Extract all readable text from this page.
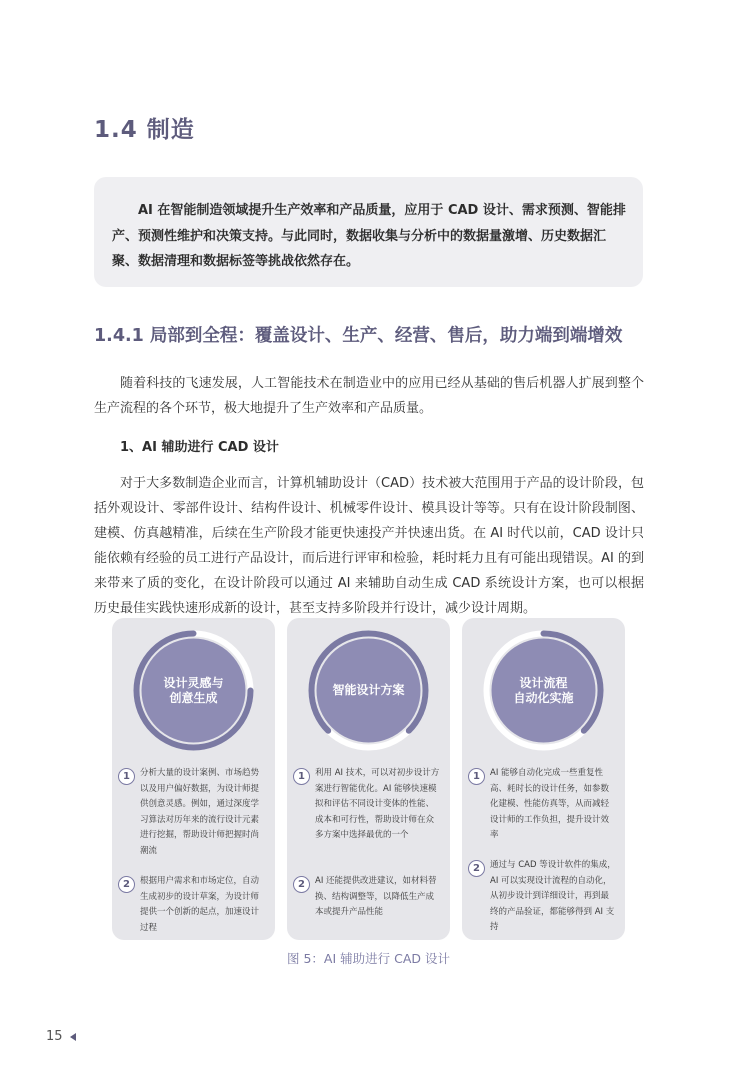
1.4 制造

AI 在智能制造领域提升生产效率和产品质量，应用于 CAD 设计、需求预测、智能排产、预测性维护和决策支持。与此同时，数据收集与分析中的数据量激增、历史数据汇聚、数据清理和数据标签等挑战依然存在。

1.4.1 局部到全程：覆盖设计、生产、经营、售后，助力端到端增效

随着科技的飞速发展，人工智能技术在制造业中的应用已经从基础的售后机器人扩展到整个生产流程的各个环节，极大地提升了生产效率和产品质量。

1、AI 辅助进行 CAD 设计

对于大多数制造企业而言，计算机辅助设计（CAD）技术被大范围用于产品的设计阶段，包括外观设计、零部件设计、结构件设计、机械零件设计、模具设计等等。只有在设计阶段制图、建模、仿真越精准，后续在生产阶段才能更快速投产并快速出货。在 AI 时代以前，CAD 设计只能依赖有经验的员工进行产品设计，而后进行评审和检验，耗时耗力且有可能出现错误。AI 的到来带来了质的变化，在设计阶段可以通过 AI 来辅助自动生成 CAD 系统设计方案，也可以根据历史最佳实践快速形成新的设计，甚至支持多阶段并行设计，减少设计周期。

设计灵感与
创意生成
1	分析大量的设计案例、市场趋势以及用户偏好数据，为设计师提供创意灵感。例如，通过深度学习算法对历年来的流行设计元素进行挖掘，帮助设计师把握时尚潮流
2	根据用户需求和市场定位，自动生成初步的设计草案，为设计师提供一个创新的起点，加速设计过程
智能设计方案
1	利用 AI 技术，可以对初步设计方案进行智能优化。AI 能够快速模拟和评估不同设计变体的性能、成本和可行性，帮助设计师在众多方案中选择最优的一个
2	AI 还能提供改进建议，如材料替换、结构调整等，以降低生产成本或提升产品性能
设计流程
自动化实施
1	AI 能够自动化完成一些重复性高、耗时长的设计任务，如参数化建模、性能仿真等，从而减轻设计师的工作负担，提升设计效率
2	通过与 CAD 等设计软件的集成，AI 可以实现设计流程的自动化，从初步设计到详细设计，再到最终的产品验证，都能够得到 AI 支持
图 5：AI 辅助进行 CAD 设计
15
